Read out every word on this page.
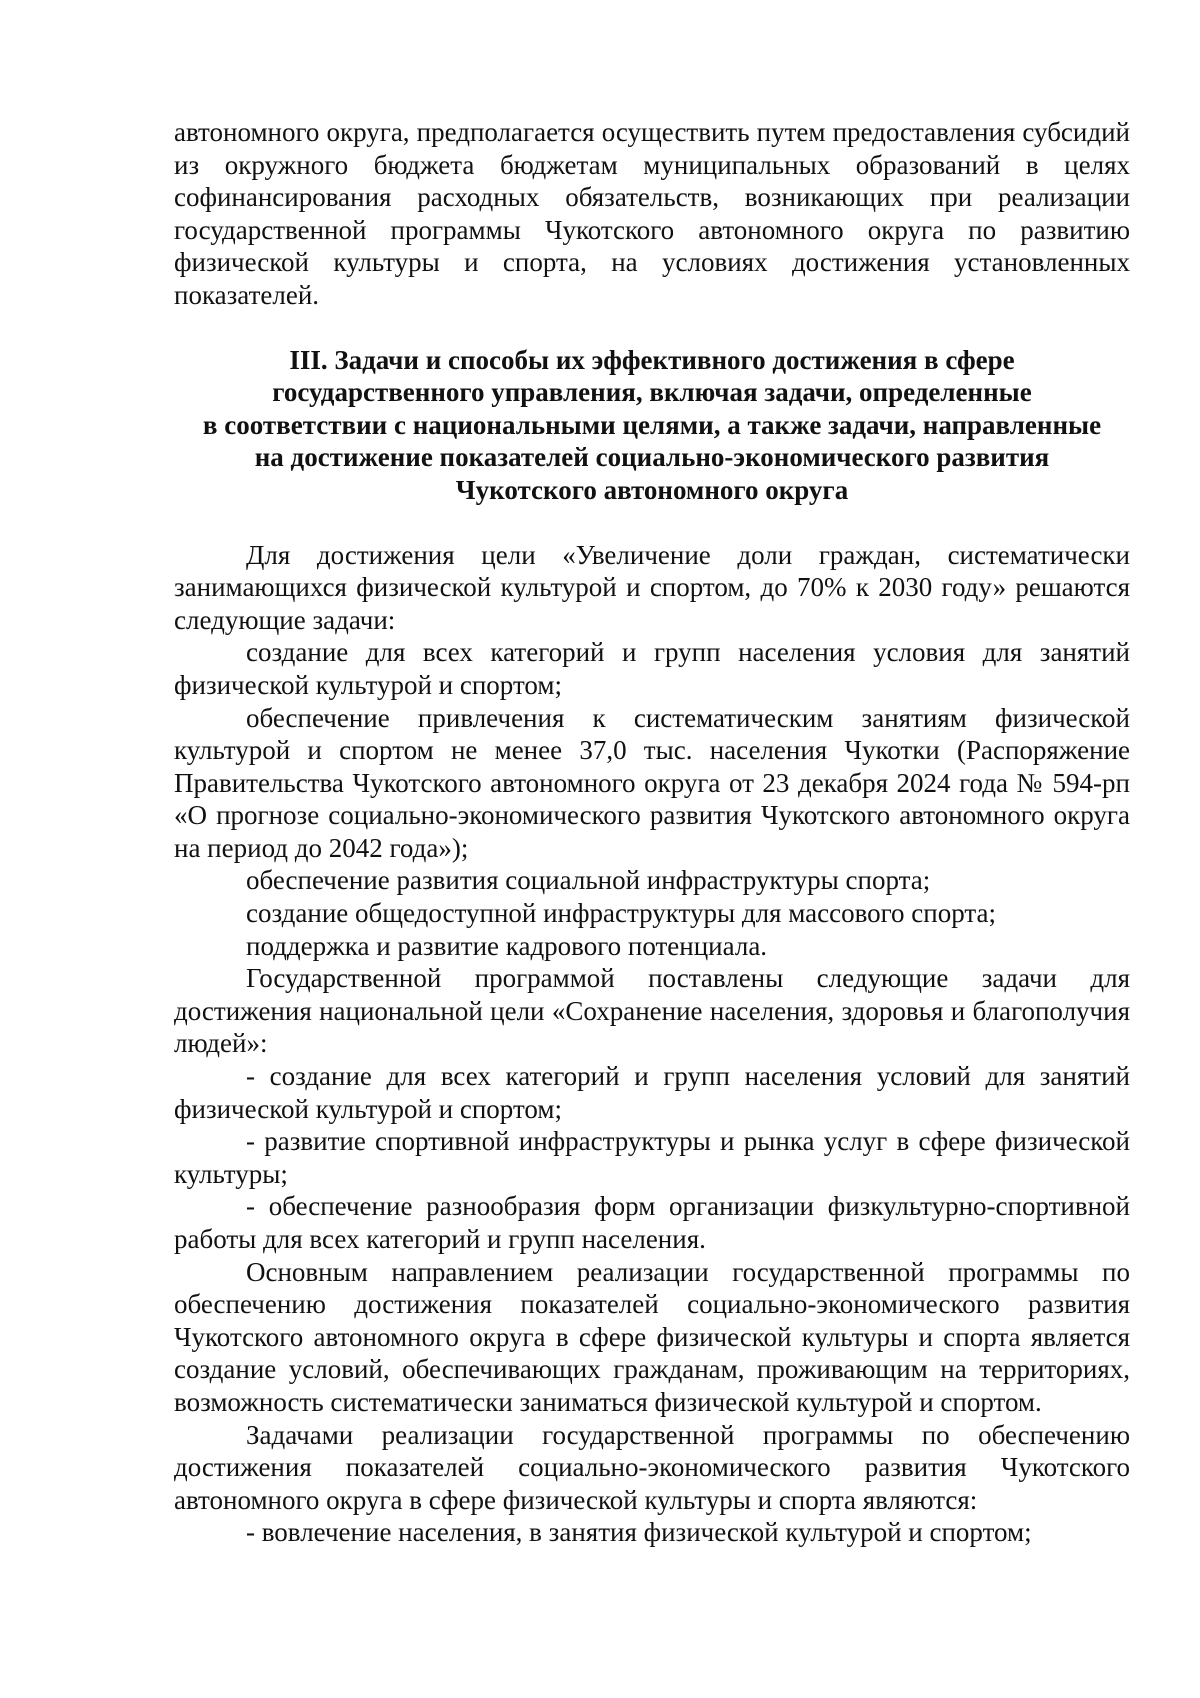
автономного округа, предполагается осуществить путем предоставления субсидий из окружного бюджета бюджетам муниципальных образований в целях софинансирования расходных обязательств, возникающих при реализации государственной программы Чукотского автономного округа по развитию физической культуры и спорта, на условиях достижения установленных показателей.

III. Задачи и способы их эффективного достижения в сфере
государственного управления, включая задачи, определенные
в соответствии с национальными целями, а также задачи, направленные
на достижение показателей социально-экономического развития
Чукотского автономного округа

Для достижения цели «Увеличение доли граждан, систематически занимающихся физической культурой и спортом, до 70% к 2030 году» решаются следующие задачи:

создание для всех категорий и групп населения условия для занятий физической культурой и спортом;

обеспечение привлечения к систематическим занятиям физической культурой и спортом не менее 37,0 тыс. населения Чукотки (Распоряжение Правительства Чукотского автономного округа от 23 декабря 2024 года № 594-рп «О прогнозе социально-экономического развития Чукотского автономного округа на период до 2042 года»);

обеспечение развития социальной инфраструктуры спорта;

создание общедоступной инфраструктуры для массового спорта;

поддержка и развитие кадрового потенциала.

Государственной программой поставлены следующие задачи для достижения национальной цели «Сохранение населения, здоровья и благополучия людей»:

- создание для всех категорий и групп населения условий для занятий физической культурой и спортом;

- развитие спортивной инфраструктуры и рынка услуг в сфере физической культуры;

- обеспечение разнообразия форм организации физкультурно-спортивной работы для всех категорий и групп населения.

Основным направлением реализации государственной программы по обеспечению достижения показателей социально-экономического развития Чукотского автономного округа в сфере физической культуры и спорта является создание условий, обеспечивающих гражданам, проживающим на территориях, возможность систематически заниматься физической культурой и спортом.

Задачами реализации государственной программы по обеспечению достижения показателей социально-экономического развития Чукотского автономного округа в сфере физической культуры и спорта являются:

- вовлечение населения, в занятия физической культурой и спортом;
